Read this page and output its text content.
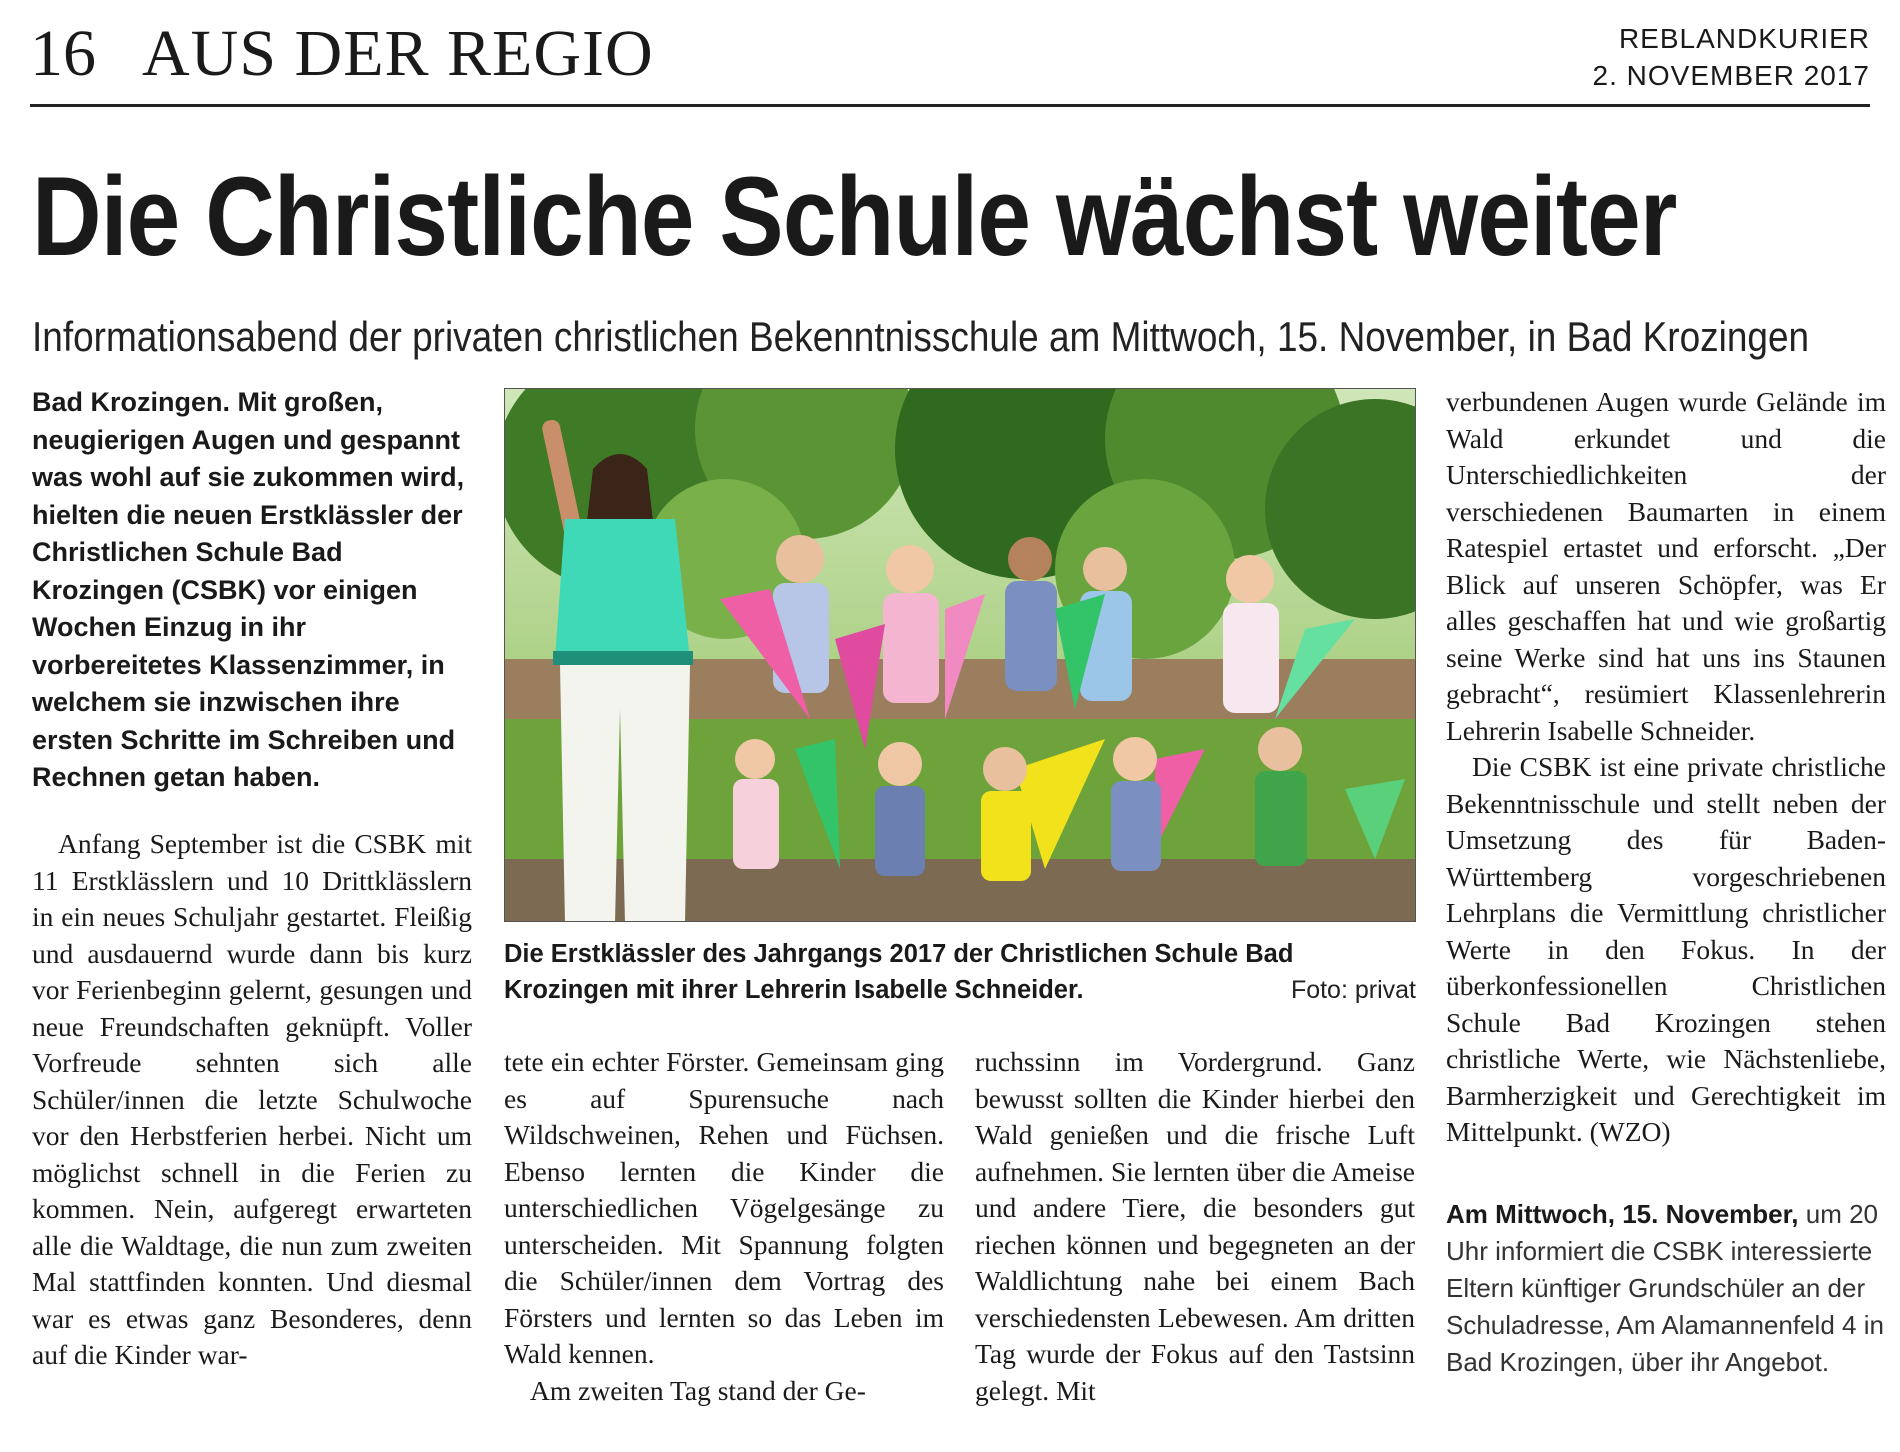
16 AUS DER REGIO	REBLANDKURIER
2. NOVEMBER 2017
Die Christliche Schule wächst weiter
Informationsabend der privaten christlichen Bekenntnisschule am Mittwoch, 15. November, in Bad Krozingen

Bad Krozingen. Mit großen, neugierigen Augen und gespannt was wohl auf sie zukommen wird, hielten die neuen Erstklässler der Christlichen Schule Bad Krozingen (CSBK) vor einigen Wochen Einzug in ihr vorbereitetes Klassenzimmer, in welchem sie inzwischen ihre ersten Schritte im Schreiben und Rechnen getan haben.

Anfang September ist die CSBK mit 11 Erstklässlern und 10 Drittklässlern in ein neues Schuljahr gestartet. Fleißig und ausdauernd wurde dann bis kurz vor Ferienbeginn gelernt, gesungen und neue Freundschaften geknüpft. Voller Vorfreude sehnten sich alle Schüler/innen die letzte Schulwoche vor den Herbstferien herbei. Nicht um möglichst schnell in die Ferien zu kommen. Nein, aufgeregt erwarteten alle die Waldtage, die nun zum zweiten Mal stattfinden konnten. Und diesmal war es etwas ganz Besonderes, denn auf die Kinder war-

Die Erstklässler des Jahrgangs 2017 der Christlichen Schule Bad Krozingen mit ihrer Lehrerin Isabelle Schneider.	Foto: privat

tete ein echter Förster. Gemeinsam ging es auf Spurensuche nach Wildschweinen, Rehen und Füchsen. Ebenso lernten die Kinder die unterschiedlichen Vögelgesänge zu unterscheiden. Mit Spannung folgten die Schüler/innen dem Vortrag des Försters und lernten so das Leben im Wald kennen.

Am zweiten Tag stand der Ge-

ruchssinn im Vordergrund. Ganz bewusst sollten die Kinder hierbei den Wald genießen und die frische Luft aufnehmen. Sie lernten über die Ameise und andere Tiere, die besonders gut riechen können und begegneten an der Waldlichtung nahe bei einem Bach verschiedensten Lebewesen. Am dritten Tag wurde der Fokus auf den Tastsinn gelegt. Mit

verbundenen Augen wurde Gelände im Wald erkundet und die Unterschiedlichkeiten der verschiedenen Baumarten in einem Ratespiel ertastet und erforscht. „Der Blick auf unseren Schöpfer, was Er alles geschaffen hat und wie großartig seine Werke sind hat uns ins Staunen gebracht“, resümiert Klassenlehrerin Lehrerin Isabelle Schneider.

Die CSBK ist eine private christliche Bekenntnisschule und stellt neben der Umsetzung des für Baden-Württemberg vorgeschriebenen Lehrplans die Vermittlung christlicher Werte in den Fokus. In der überkonfessionellen Christlichen Schule Bad Krozingen stehen christliche Werte, wie Nächstenliebe, Barmherzigkeit und Gerechtigkeit im Mittelpunkt. (WZO)

Am Mittwoch, 15. November, um 20 Uhr informiert die CSBK interessierte Eltern künftiger Grundschüler an der Schuladresse, Am Alamannenfeld 4 in Bad Krozingen, über ihr Angebot.
